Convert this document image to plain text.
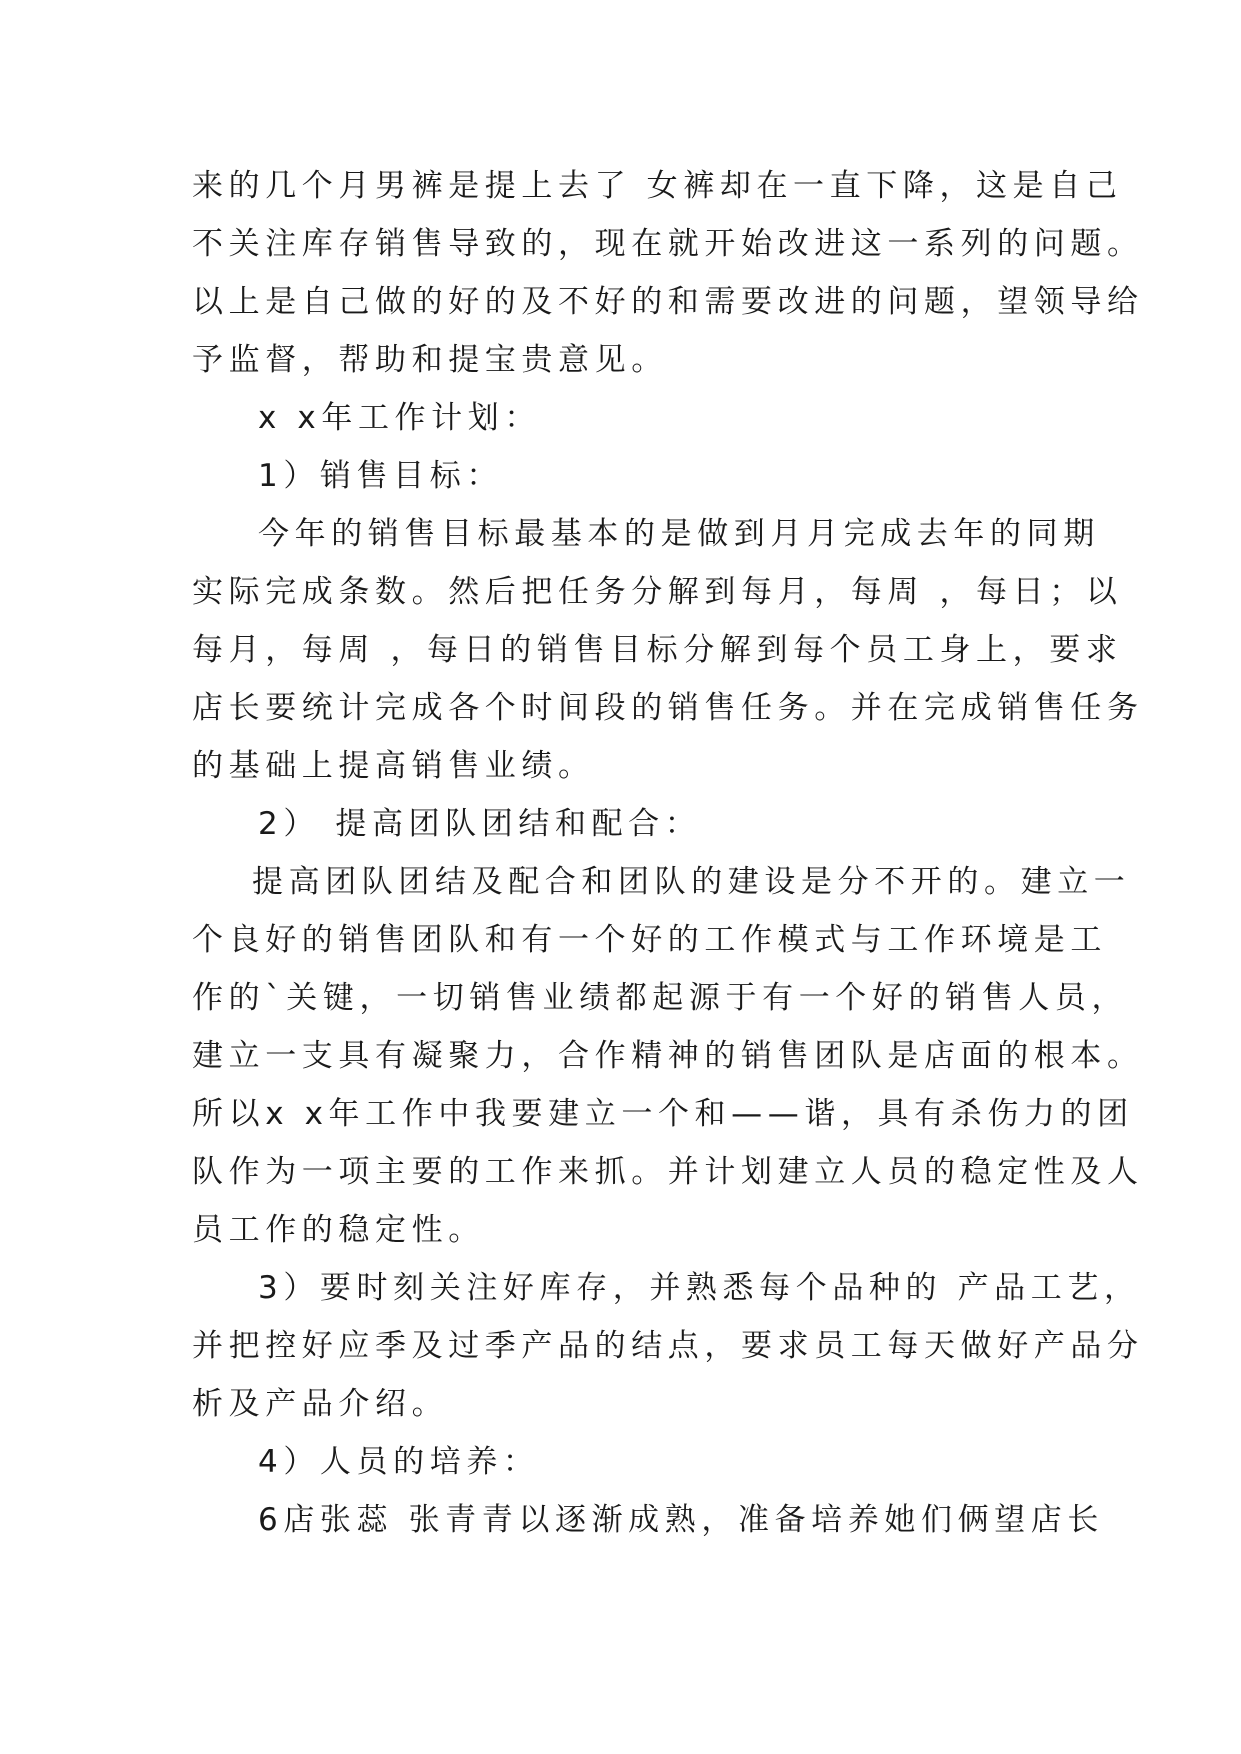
来的几个月男裤是提上去了 女裤却在一直下降，这是自己
不关注库存销售导致的，现在就开始改进这一系列的问题。
以上是自己做的好的及不好的和需要改进的问题，望领导给
予监督，帮助和提宝贵意见。
x x年工作计划：
1）销售目标：
今年的销售目标最基本的是做到月月完成去年的同期
实际完成条数。然后把任务分解到每月，每周 ，每日；以
每月，每周 ，每日的销售目标分解到每个员工身上，要求
店长要统计完成各个时间段的销售任务。并在完成销售任务
的基础上提高销售业绩。
2） 提高团队团结和配合：
提高团队团结及配合和团队的建设是分不开的。建立一
个良好的销售团队和有一个好的工作模式与工作环境是工
作的`关键，一切销售业绩都起源于有一个好的销售人员，
建立一支具有凝聚力，合作精神的销售团队是店面的根本。
所以x x年工作中我要建立一个和——谐，具有杀伤力的团
队作为一项主要的工作来抓。并计划建立人员的稳定性及人
员工作的稳定性。
3）要时刻关注好库存，并熟悉每个品种的 产品工艺，
并把控好应季及过季产品的结点，要求员工每天做好产品分
析及产品介绍。
4）人员的培养：
6店张蕊 张青青以逐渐成熟，准备培养她们俩望店长
